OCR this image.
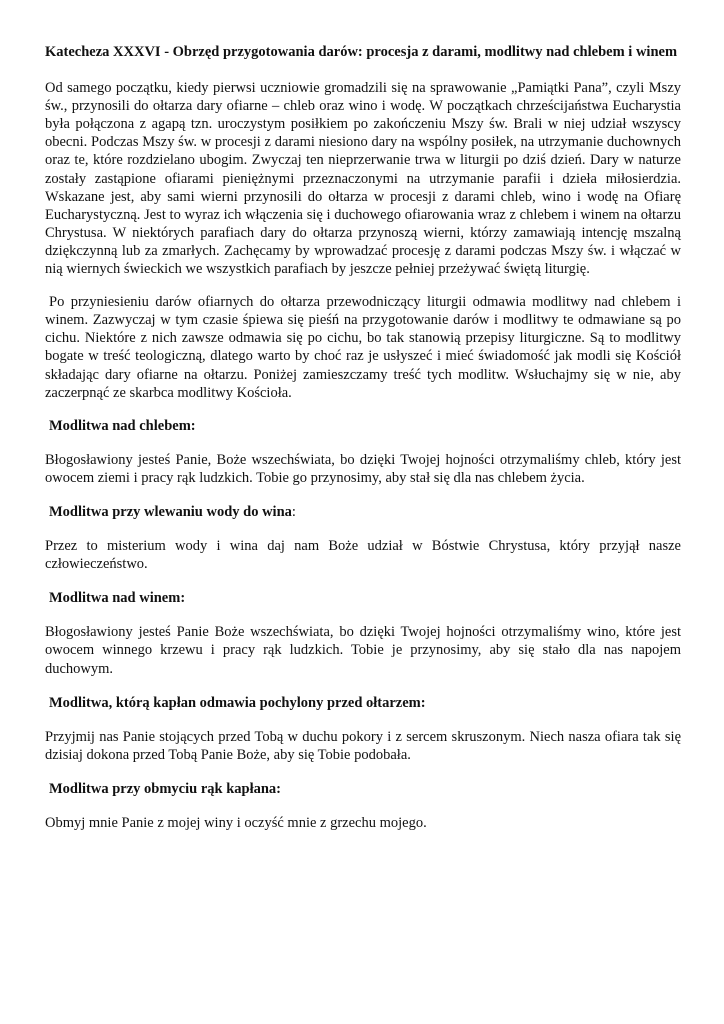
Katecheza XXXVI - Obrzęd przygotowania darów: procesja z darami, modlitwy nad chlebem i winem
Od samego początku, kiedy pierwsi uczniowie gromadzili się na sprawowanie „Pamiątki Pana”, czyli Mszy św., przynosili do ołtarza dary ofiarne – chleb oraz wino i wodę. W początkach chrześcijaństwa Eucharystia była połączona z agapą tzn. uroczystym posiłkiem po zakończeniu Mszy św. Brali w niej udział wszyscy obecni. Podczas Mszy św. w procesji z darami niesiono dary na wspólny posiłek, na utrzymanie duchownych oraz te, które rozdzielano ubogim. Zwyczaj ten nieprzerwanie trwa w liturgii po dziś dzień. Dary w naturze zostały zastąpione ofiarami pieniężnymi przeznaczonymi na utrzymanie parafii i dzieła miłosierdzia. Wskazane jest, aby sami wierni przynosili do ołtarza w procesji z darami chleb, wino i wodę na Ofiarę Eucharystyczną. Jest to wyraz ich włączenia się i duchowego ofiarowania wraz z chlebem i winem na ołtarzu Chrystusa. W niektórych parafiach dary do ołtarza przynoszą wierni, którzy zamawiają intencję mszalną dziękczynną lub za zmarłych. Zachęcamy by wprowadzać procesję z darami podczas Mszy św. i włączać w nią wiernych świeckich we wszystkich parafiach by jeszcze pełniej przeżywać świętą liturgię.
Po przyniesieniu darów ofiarnych do ołtarza przewodniczący liturgii odmawia modlitwy nad chlebem i winem. Zazwyczaj w tym czasie śpiewa się pieśń na przygotowanie darów i modlitwy te odmawiane są po cichu. Niektóre z nich zawsze odmawia się po cichu, bo tak stanowią przepisy liturgiczne. Są to modlitwy bogate w treść teologiczną, dlatego warto by choć raz je usłyszeć i mieć świadomość jak modli się Kościół składając dary ofiarne na ołtarzu. Poniżej zamieszczamy treść tych modlitw. Wsłuchajmy się w nie, aby zaczerpnąć ze skarbca modlitwy Kościoła.
Modlitwa nad chlebem:
Błogosławiony jesteś Panie, Boże wszechświata, bo dzięki Twojej hojności otrzymaliśmy chleb, który jest owocem ziemi i pracy rąk ludzkich. Tobie go przynosimy, aby stał się dla nas chlebem życia.
Modlitwa przy wlewaniu wody do wina:
Przez to misterium wody i wina daj nam Boże udział w Bóstwie Chrystusa, który przyjął nasze człowieczeństwo.
Modlitwa nad winem:
Błogosławiony jesteś Panie Boże wszechświata, bo dzięki Twojej hojności otrzymaliśmy wino, które jest owocem winnego krzewu i pracy rąk ludzkich. Tobie je przynosimy, aby się stało dla nas napojem duchowym.
Modlitwa, którą kapłan odmawia pochylony przed ołtarzem:
Przyjmij nas Panie stojących przed Tobą w duchu pokory i z sercem skruszonym. Niech nasza ofiara tak się dzisiaj dokona przed Tobą Panie Boże, aby się Tobie podobała.
Modlitwa przy obmyciu rąk kapłana:
Obmyj mnie Panie z mojej winy i oczyść mnie z grzechu mojego.
